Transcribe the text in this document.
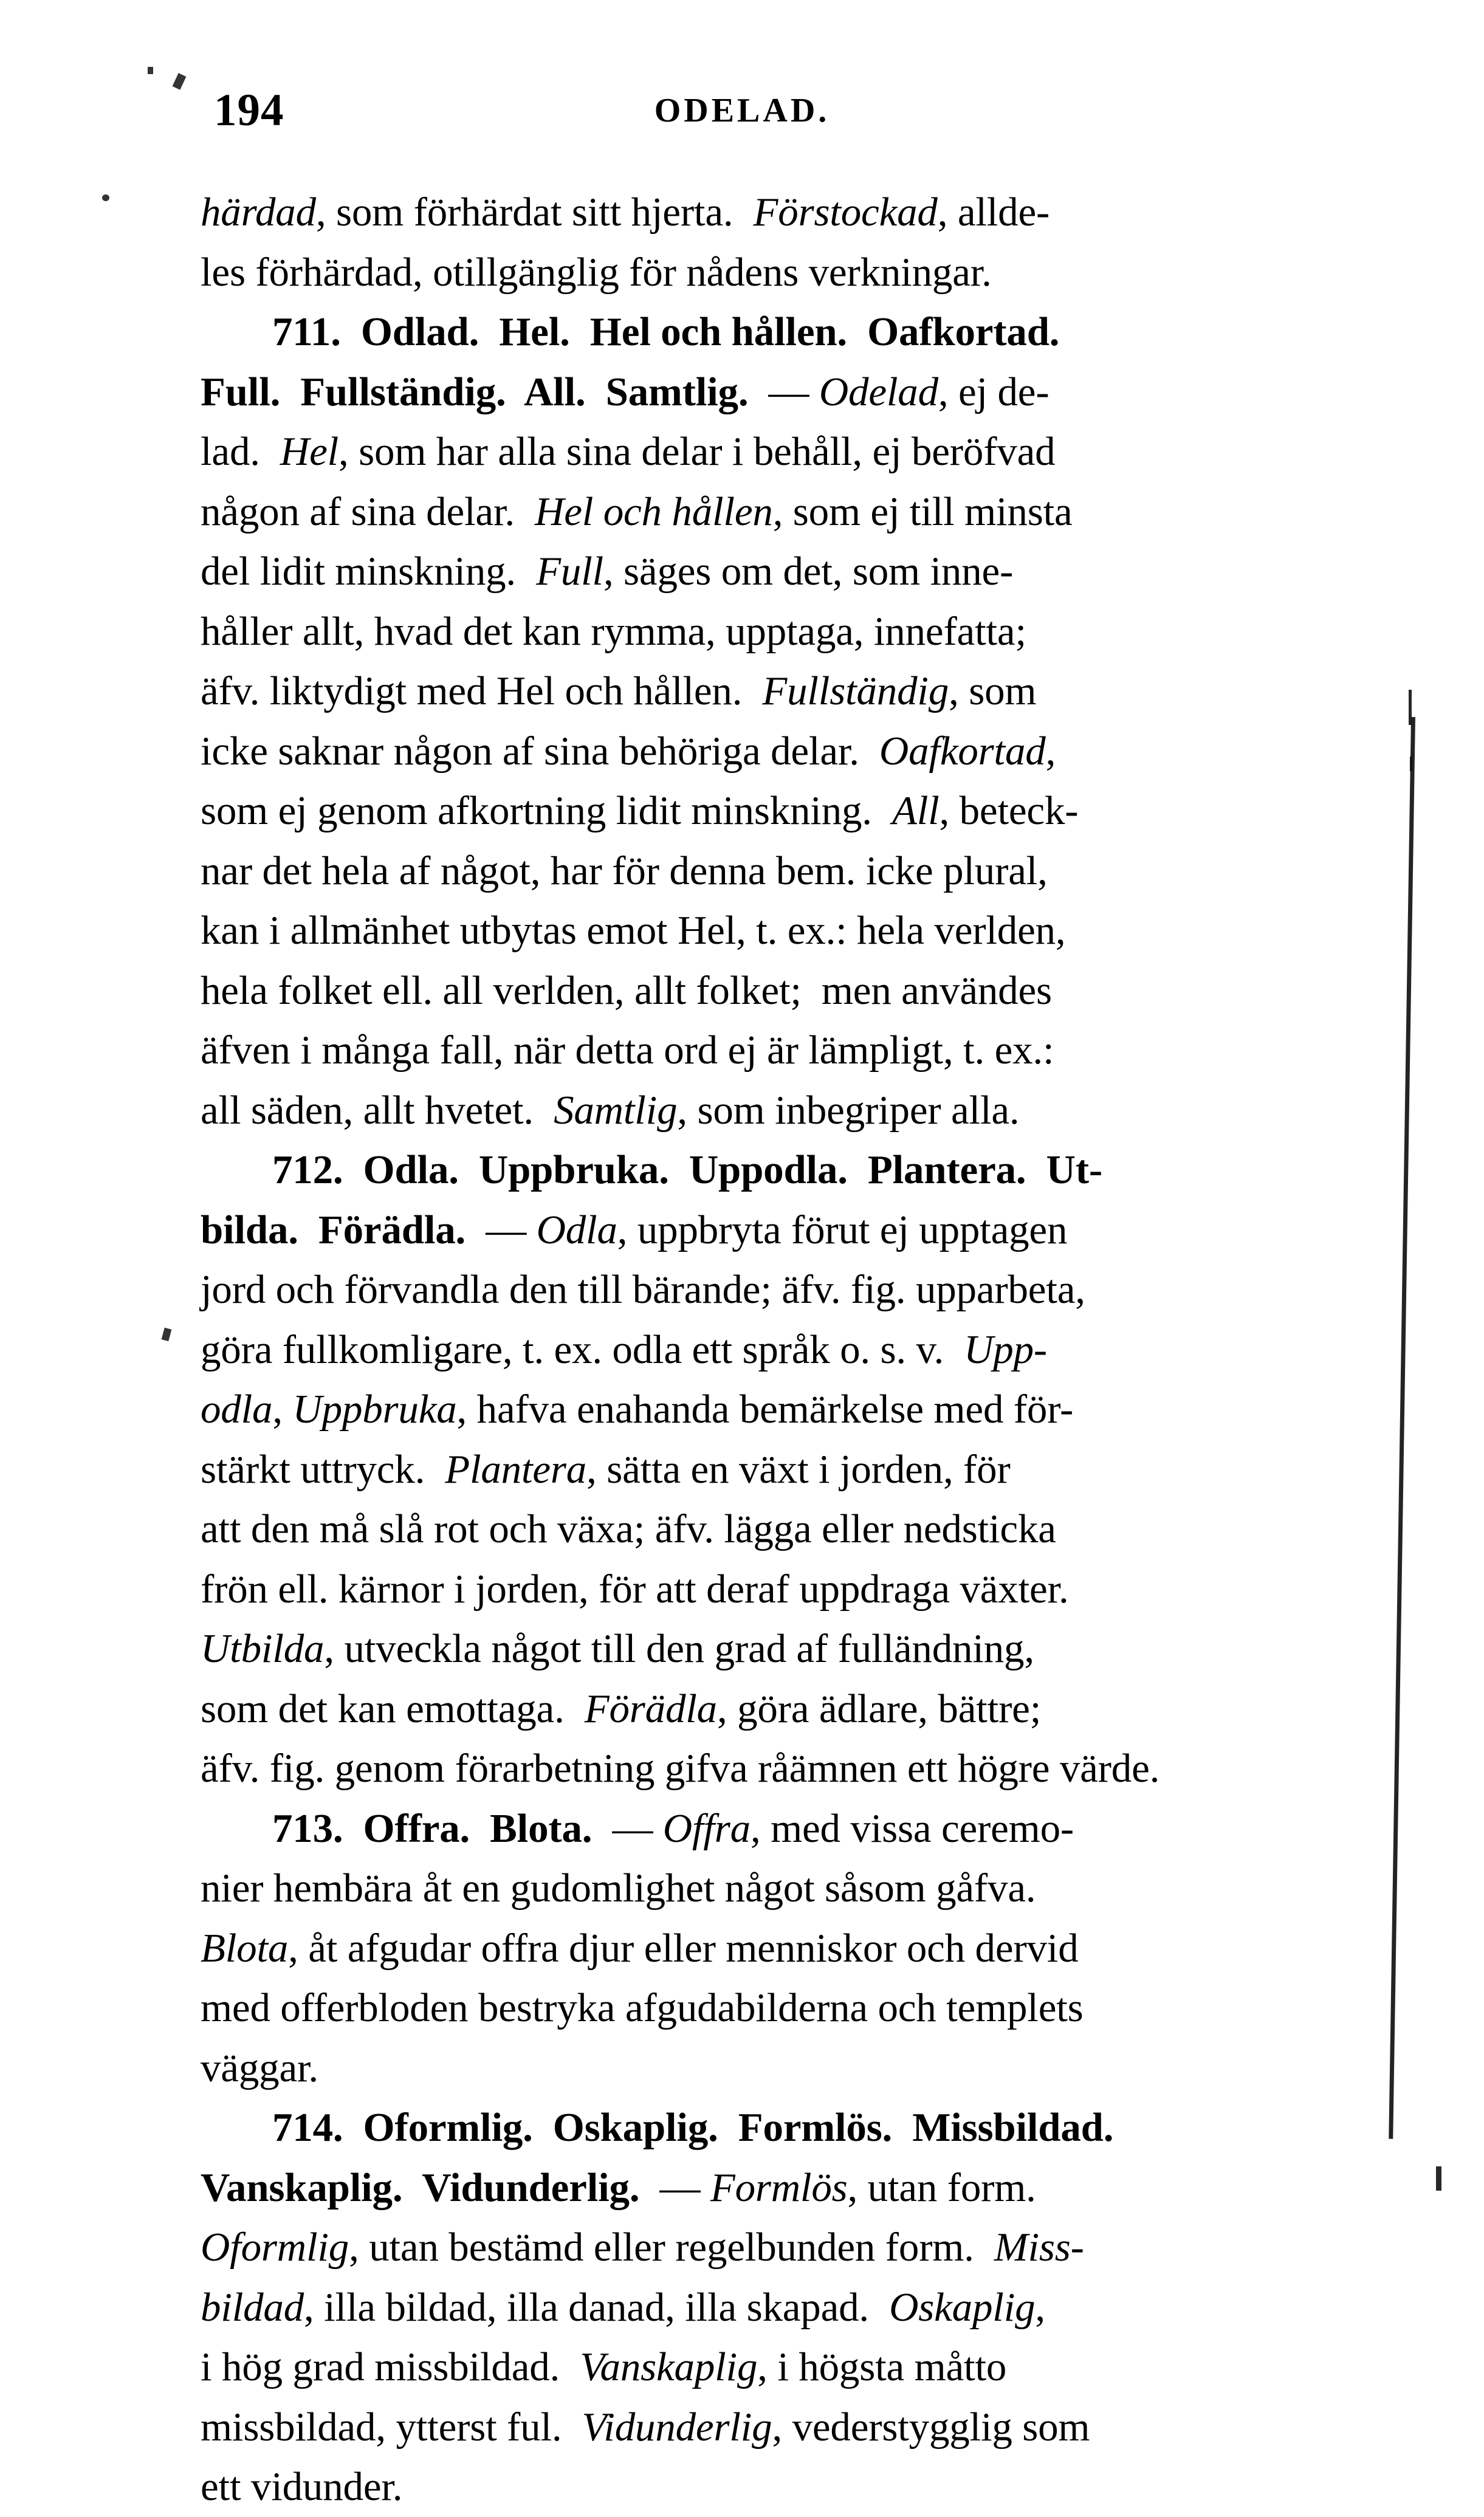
194	ODELAD.
härdad, som förhärdat sitt hjerta.  Förstockad, allde-
les förhärdad, otillgänglig för nådens verkningar.
711.  Odlad.  Hel.  Hel och hållen.  Oafkortad.
Full.  Fullständig.  All.  Samtlig.  — Odelad, ej de-
lad.  Hel, som har alla sina delar i behåll, ej beröfvad
någon af sina delar.  Hel och hållen, som ej till minsta
del lidit minskning.  Full, säges om det, som inne-
håller allt, hvad det kan rymma, upptaga, innefatta;
äfv. liktydigt med Hel och hållen.  Fullständig, som
icke saknar någon af sina behöriga delar.  Oafkortad,
som ej genom afkortning lidit minskning.  All, beteck-
nar det hela af något, har för denna bem. icke plural,
kan i allmänhet utbytas emot Hel, t. ex.: hela verlden,
hela folket ell. all verlden, allt folket;  men användes
äfven i många fall, när detta ord ej är lämpligt, t. ex.:
all säden, allt hvetet.  Samtlig, som inbegriper alla.
712.  Odla.  Uppbruka.  Uppodla.  Plantera.  Ut-
bilda.  Förädla.  — Odla, uppbryta förut ej upptagen
jord och förvandla den till bärande; äfv. fig. upparbeta,
göra fullkomligare, t. ex. odla ett språk o. s. v.  Upp-
odla, Uppbruka, hafva enahanda bemärkelse med för-
stärkt uttryck.  Plantera, sätta en växt i jorden, för
att den må slå rot och växa; äfv. lägga eller nedsticka
frön ell. kärnor i jorden, för att deraf uppdraga växter.
Utbilda, utveckla något till den grad af fulländning,
som det kan emottaga.  Förädla, göra ädlare, bättre;
äfv. fig. genom förarbetning gifva råämnen ett högre värde.
713.  Offra.  Blota.  — Offra, med vissa ceremo-
nier hembära åt en gudomlighet något såsom gåfva.
Blota, åt afgudar offra djur eller menniskor och dervid
med offerbloden bestryka afgudabilderna och templets
väggar.
714.  Oformlig.  Oskaplig.  Formlös.  Missbildad.
Vanskaplig.  Vidunderlig.  — Formlös, utan form.
Oformlig, utan bestämd eller regelbunden form.  Miss-
bildad, illa bildad, illa danad, illa skapad.  Oskaplig,
i hög grad missbildad.  Vanskaplig, i högsta måtto
missbildad, ytterst ful.  Vidunderlig, vederstygglig som
ett vidunder.
